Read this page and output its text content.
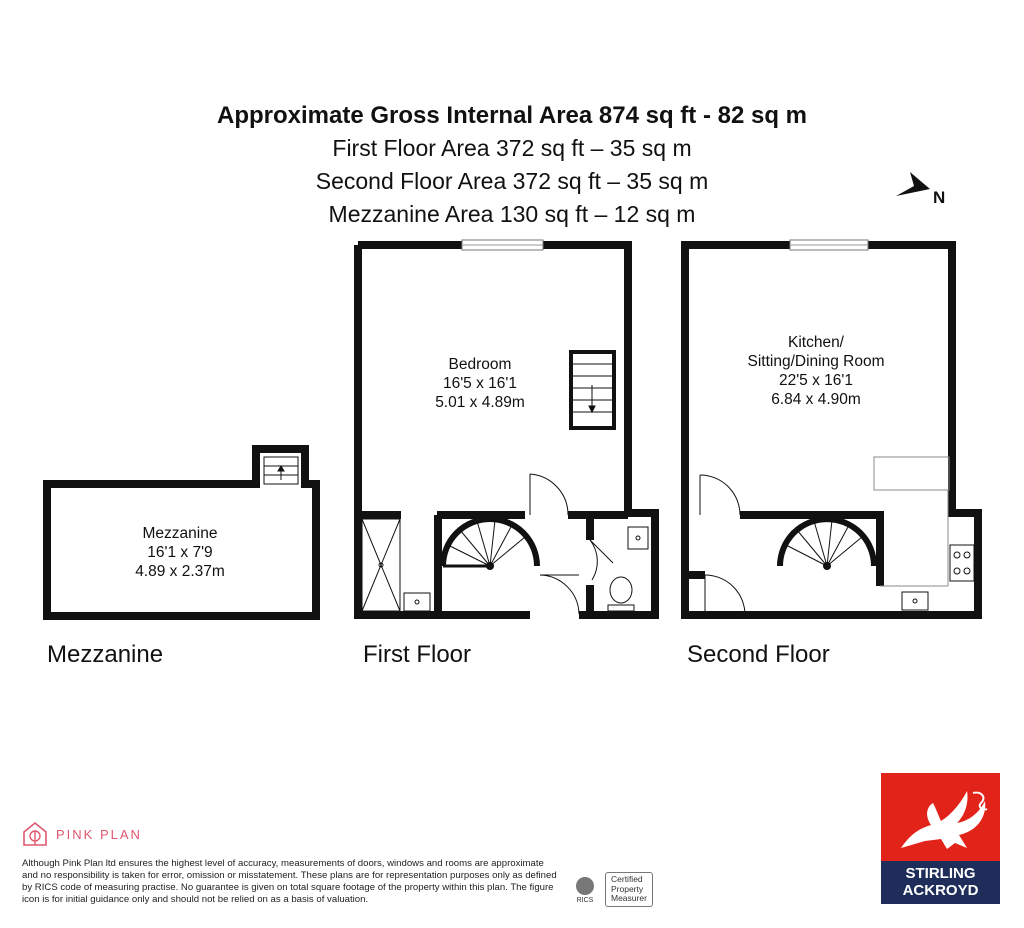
Approximate Gross Internal Area 874 sq ft - 82 sq m
First Floor Area 372 sq ft – 35 sq m
Second Floor Area 372 sq ft – 35 sq m
Mezzanine Area 130 sq ft – 12 sq m
N
Mezzanine
16'1 x 7'9
4.89 x 2.37m
Bedroom
16'5 x 16'1
5.01 x 4.89m
Kitchen/
Sitting/Dining Room
22'5 x 16'1
6.84 x 4.90m
Mezzanine	First Floor	Second Floor
PINK PLAN
Although Pink Plan ltd ensures the highest level of accuracy, measurements of doors, windows and rooms are approximate and no responsibility is taken for error, omission or misstatement. These plans are for representation purposes only as defined by RICS code of measuring practise. No guarantee is given on total square footage of the property within this plan. The figure icon is for initial guidance only and should not be relied on as a basis of valuation.	RICS
Certified
Property
Measurer
STIRLING
ACKROYD
